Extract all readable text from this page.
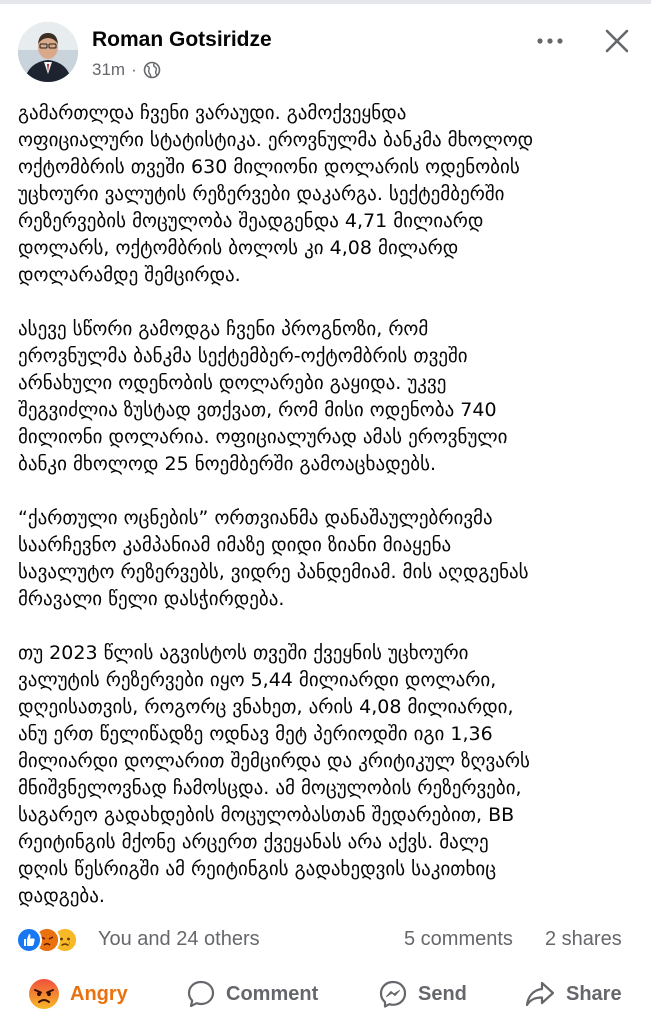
Roman Gotsiridze
31m ·

გამართლდა ჩვენი ვარაუდი. გამოქვეყნდა
ოფიციალური სტატისტიკა. ეროვნულმა ბანკმა მხოლოდ
ოქტომბრის თვეში 630 მილიონი დოლარის ოდენობის
უცხოური ვალუტის რეზერვები დაკარგა. სექტემბერში
რეზერვების მოცულობა შეადგენდა 4,71 მილიარდ
დოლარს, ოქტომბრის ბოლოს კი 4,08 მილარდ
დოლარამდე შემცირდა.

ასევე სწორი გამოდგა ჩვენი პროგნოზი, რომ
ეროვნულმა ბანკმა სექტემბერ-ოქტომბრის თვეში
არნახული ოდენობის დოლარები გაყიდა. უკვე
შეგვიძლია ზუსტად ვთქვათ, რომ მისი ოდენობა 740
მილიონი დოლარია. ოფიციალურად ამას ეროვნული
ბანკი მხოლოდ 25 ნოემბერში გამოაცხადებს.

“ქართული ოცნების” ორთვიანმა დანაშაულებრივმა
საარჩევნო კამპანიამ იმაზე დიდი ზიანი მიაყენა
სავალუტო რეზერვებს, ვიდრე პანდემიამ. მის აღდგენას
მრავალი წელი დასჭირდება.

თუ 2023 წლის აგვისტოს თვეში ქვეყნის უცხოური
ვალუტის რეზერვები იყო 5,44 მილიარდი დოლარი,
დღეისათვის, როგორც ვნახეთ, არის 4,08 მილიარდი,
ანუ ერთ წელიწადზე ოდნავ მეტ პერიოდში იგი 1,36
მილიარდი დოლარით შემცირდა და კრიტიკულ ზღვარს
მნიშვნელოვნად ჩამოსცდა. ამ მოცულობის რეზერვები,
საგარეო გადახდების მოცულობასთან შედარებით, BB
რეიტინგის მქონე არცერთ ქვეყანას არა აქვს. მალე
დღის წესრიგში ამ რეიტინგის გადახედვის საკითხიც
დადგება.

You and 24 others	5 comments 2 shares
Angry	Comment	Send	Share
